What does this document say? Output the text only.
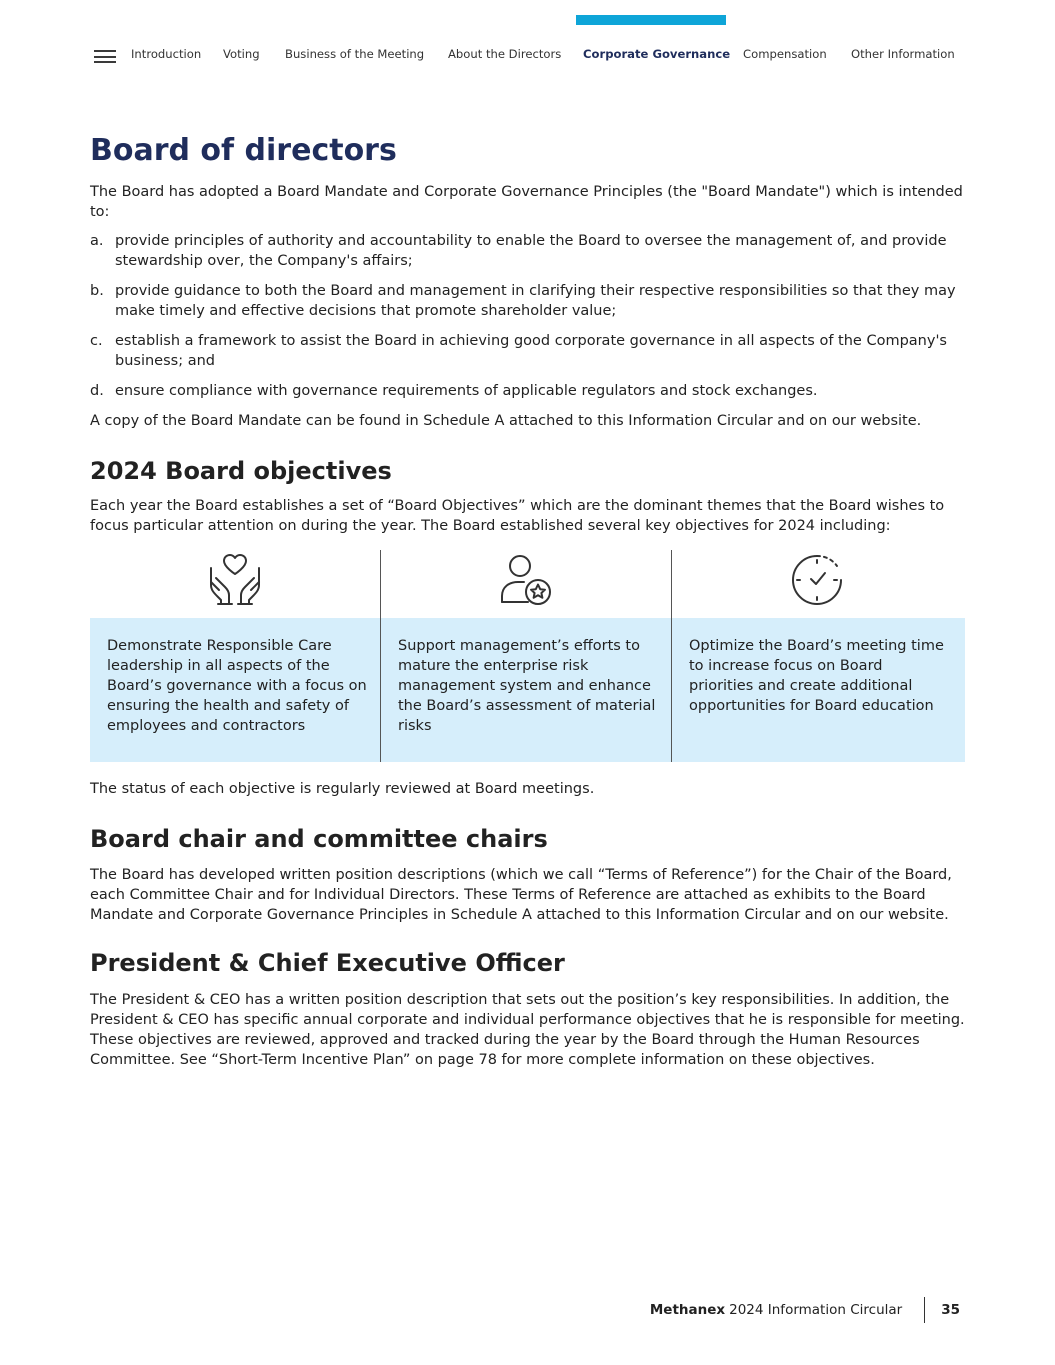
Introduction Voting Business of the Meeting About the Directors Corporate Governance Compensation Other Information
Board of directors

The Board has adopted a Board Mandate and Corporate Governance Principles (the "Board Mandate") which is intended to:

a. provide principles of authority and accountability to enable the Board to oversee the management of, and provide stewardship over, the Company's affairs;
b. provide guidance to both the Board and management in clarifying their respective responsibilities so that they may make timely and effective decisions that promote shareholder value;
c. establish a framework to assist the Board in achieving good corporate governance in all aspects of the Company's business; and
d. ensure compliance with governance requirements of applicable regulators and stock exchanges.

A copy of the Board Mandate can be found in Schedule A attached to this Information Circular and on our website.

2024 Board objectives

Each year the Board establishes a set of “Board Objectives” which are the dominant themes that the Board wishes to focus particular attention on during the year. The Board established several key objectives for 2024 including:

Demonstrate Responsible Care leadership in all aspects of the Board’s governance with a focus on ensuring the health and safety of employees and contractors
Support management’s efforts to mature the enterprise risk management system and enhance the Board’s assessment of material risks
Optimize the Board’s meeting time to increase focus on Board priorities and create additional opportunities for Board education

The status of each objective is regularly reviewed at Board meetings.

Board chair and committee chairs

The Board has developed written position descriptions (which we call “Terms of Reference”) for the Chair of the Board, each Committee Chair and for Individual Directors. These Terms of Reference are attached as exhibits to the Board Mandate and Corporate Governance Principles in Schedule A attached to this Information Circular and on our website.

President & Chief Executive Officer

The President & CEO has a written position description that sets out the position’s key responsibilities. In addition, the President & CEO has specific annual corporate and individual performance objectives that he is responsible for meeting. These objectives are reviewed, approved and tracked during the year by the Board through the Human Resources Committee. See “Short-Term Incentive Plan” on page 78 for more complete information on these objectives.

Methanex 2024 Information Circular	35
